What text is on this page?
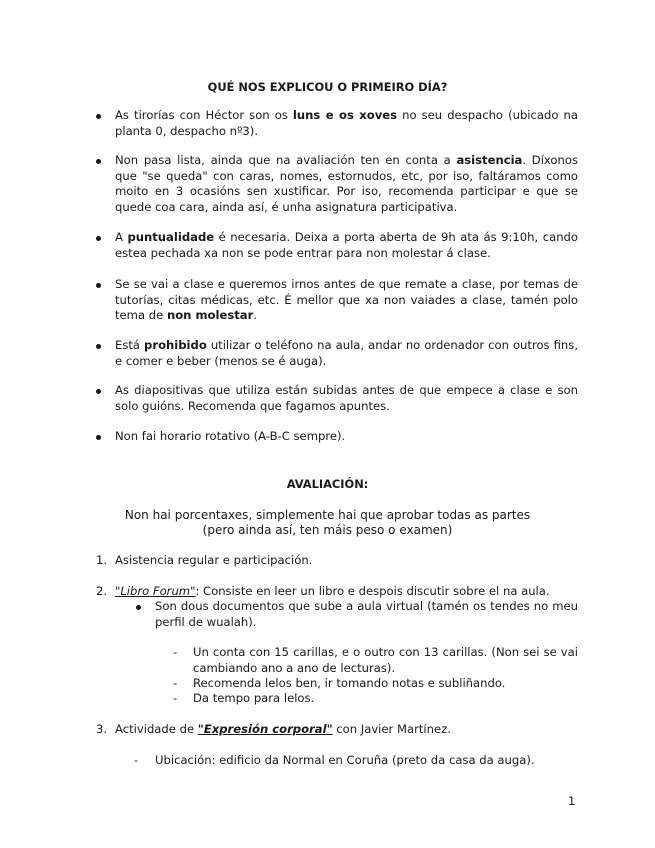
QUÉ NOS EXPLICOU O PRIMEIRO DÍA?
As tirorías con Héctor son os luns e os xoves no seu despacho (ubicado na planta 0, despacho nº3).
Non pasa lista, ainda que na avaliación ten en conta a asistencia. Díxonos que "se queda" con caras, nomes, estornudos, etc, por iso, faltáramos como moito en 3 ocasións sen xustificar. Por iso, recomenda participar e que se quede coa cara, ainda así, é unha asignatura participativa.
A puntualidade é necesaria. Deixa a porta aberta de 9h ata ás 9:10h, cando estea pechada xa non se pode entrar para non molestar á clase.
Se se vai a clase e queremos irnos antes de que remate a clase, por temas de tutorías, citas médicas, etc. É mellor que xa non vaiades a clase, tamén polo tema de non molestar.
Está prohibido utilizar o teléfono na aula, andar no ordenador con outros fins, e comer e beber (menos se é auga).
As diapositivas que utiliza están subidas antes de que empece a clase e son solo guións. Recomenda que fagamos apuntes.
Non fai horario rotativo (A-B-C sempre).
AVALIACIÓN:
Non hai porcentaxes, simplemente hai que aprobar todas as partes
(pero ainda así, ten máis peso o examen)
1. Asistencia regular e participación.
2. "Libro Forum": Consiste en leer un libro e despois discutir sobre el na aula.
Son dous documentos que sube a aula virtual (tamén os tendes no meu perfil de wualah).
- Un conta con 15 carillas, e o outro con 13 carillas. (Non sei se vai cambiando ano a ano de lecturas).
- Recomenda lelos ben, ir tomando notas e subliñando.
- Da tempo para lelos.
3. Actividade de "Expresión corporal" con Javier Martínez.
- Ubicación: edificio da Normal en Coruña (preto da casa da auga).
1
